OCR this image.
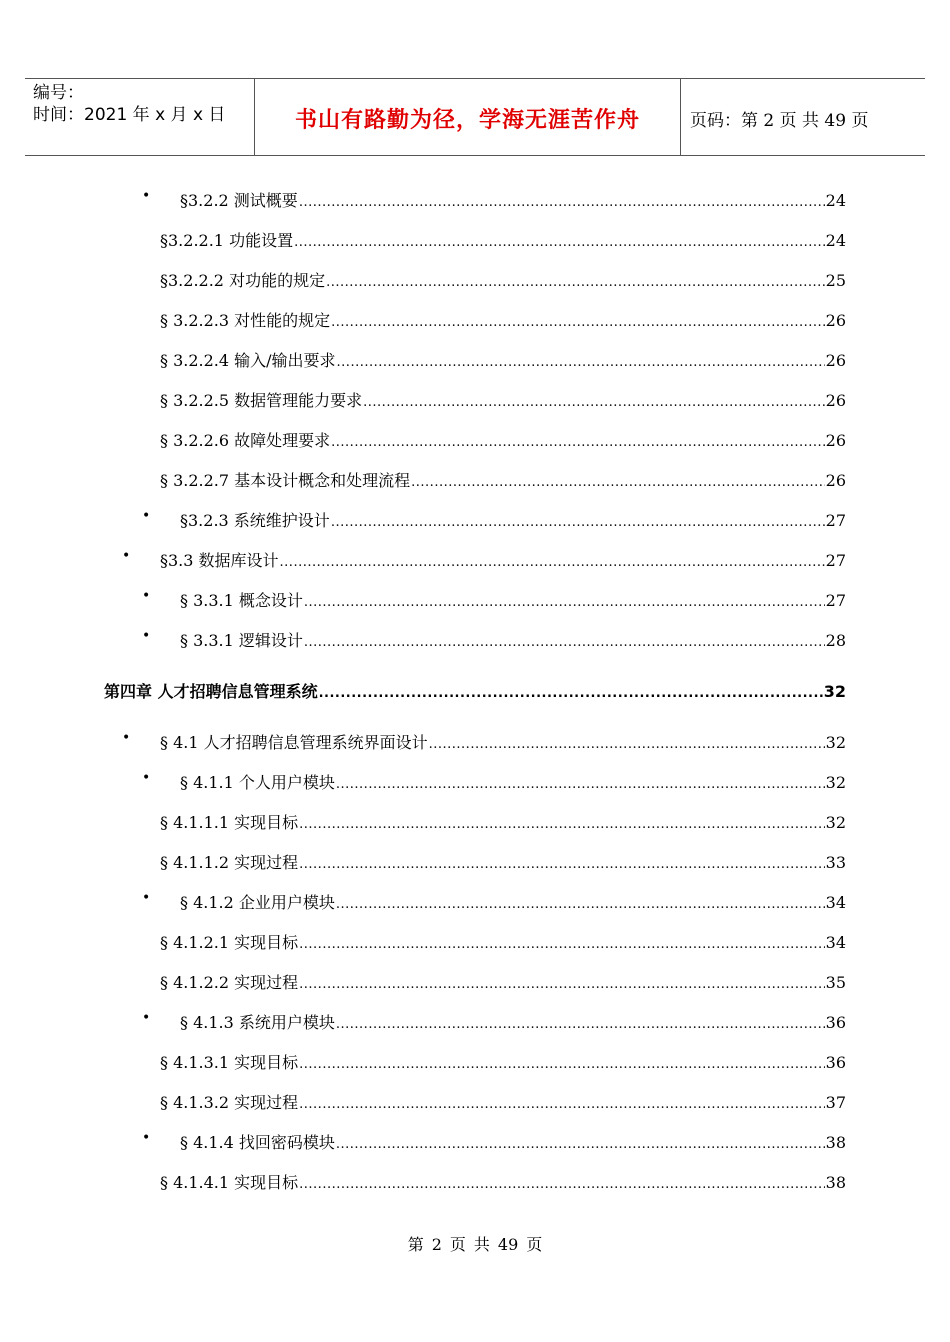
编号：
时间：2021 年 x 月 x 日	书山有路勤为径，学海无涯苦作舟	页码：第 2 页 共 49 页
• §3.2.2 测试概要 .....	24
§3.2.2.1 功能设置 .....	24
§3.2.2.2 对功能的规定 .....	25
§ 3.2.2.3 对性能的规定 .....	26
§ 3.2.2.4 输入/输出要求 .....	26
§ 3.2.2.5 数据管理能力要求 .....	26
§ 3.2.2.6 故障处理要求 .....	26
§ 3.2.2.7 基本设计概念和处理流程 .....	26
• §3.2.3 系统维护设计 .....	27
• §3.3 数据库设计 .....	27
• § 3.3.1 概念设计 .....	27
• § 3.3.1 逻辑设计 .....	28
第四章 人才招聘信息管理系统 .....	32
• § 4.1 人才招聘信息管理系统界面设计 .....	32
• § 4.1.1 个人用户模块 .....	32
§ 4.1.1.1 实现目标 .....	32
§ 4.1.1.2 实现过程 .....	33
• § 4.1.2 企业用户模块 .....	34
§ 4.1.2.1 实现目标 .....	34
§ 4.1.2.2 实现过程 .....	35
• § 4.1.3 系统用户模块 .....	36
§ 4.1.3.1 实现目标 .....	36
§ 4.1.3.2 实现过程 .....	37
• § 4.1.4 找回密码模块 .....	38
§ 4.1.4.1 实现目标 .....	38
第 2 页 共 49 页
